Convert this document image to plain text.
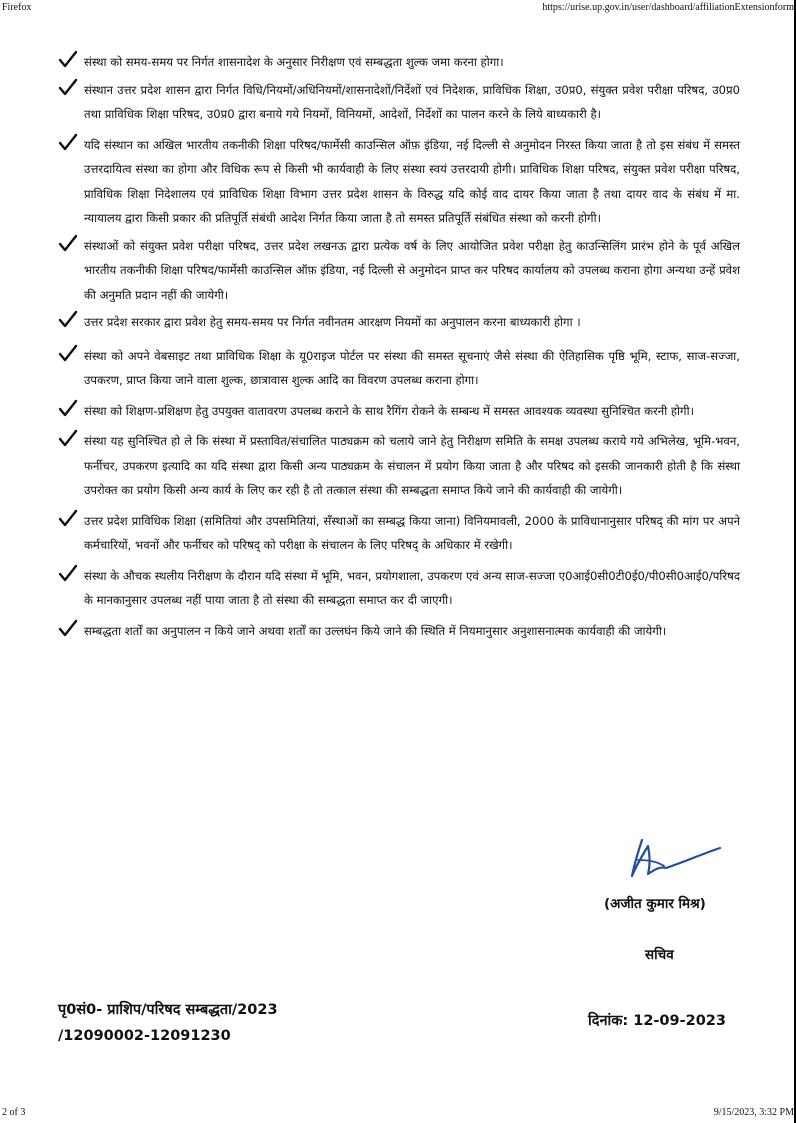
Firefox	https://urise.up.gov.in/user/dashboard/affiliationExtensionform
संस्था को समय-समय पर निर्गत शासनादेश के अनुसार निरीक्षण एवं सम्बद्धता शुल्क जमा करना होगा।
संस्थान उत्तर प्रदेश शासन द्वारा निर्गत विधि/नियमों/अधिनियमों/शासनादेशों/निर्देशों एवं निदेशक, प्राविधिक शिक्षा, उ0प्र0, संयुक्त प्रवेश परीक्षा परिषद, उ0प्र0 तथा प्राविधिक शिक्षा परिषद, उ0प्र0 द्वारा बनाये गये नियमों, विनियमों, आदेशों, निर्देशों का पालन करने के लिये बाध्यकारी है।
यदि संस्थान का अखिल भारतीय तकनीकी शिक्षा परिषद/फार्मेसी काउन्सिल ऑफ़ इंडिया, नई दिल्ली से अनुमोदन निरस्त किया जाता है तो इस संबंध में समस्त उत्तरदायित्व संस्था का होगा और विधिक रूप से किसी भी कार्यवाही के लिए संस्था स्वयं उत्तरदायी होगी। प्राविधिक शिक्षा परिषद, संयुक्त प्रवेश परीक्षा परिषद, प्राविधिक शिक्षा निदेशालय एवं प्राविधिक शिक्षा विभाग उत्तर प्रदेश शासन के विरुद्ध यदि कोई वाद दायर किया जाता है तथा दायर वाद के संबंध में मा. न्यायालय द्वारा किसी प्रकार की प्रतिपूर्ति संबंधी आदेश निर्गत किया जाता है तो समस्त प्रतिपूर्ति संबंधित संस्था को करनी होगी।
संस्थाओं को संयुक्त प्रवेश परीक्षा परिषद, उत्तर प्रदेश लखनऊ द्वारा प्रत्येक वर्ष के लिए आयोजित प्रवेश परीक्षा हेतु काउन्सिलिंग प्रारंभ होने के पूर्व अखिल भारतीय तकनीकी शिक्षा परिषद/फार्मेसी काउन्सिल ऑफ़ इंडिया, नई दिल्ली से अनुमोदन प्राप्त कर परिषद कार्यालय को उपलब्ध कराना होगा अन्यथा उन्हें प्रवेश की अनुमति प्रदान नहीं की जायेगी।
उत्तर प्रदेश सरकार द्वारा प्रवेश हेतु समय-समय पर निर्गत नवीनतम आरक्षण नियमों का अनुपालन करना बाध्यकारी होगा ।
संस्था को अपने वेबसाइट तथा प्राविधिक शिक्षा के यू0राइज पोर्टल पर संस्था की समस्त सूचनाएं जैसे संस्था की ऐतिहासिक पृष्ठि भूमि, स्टाफ, साज-सज्जा, उपकरण, प्राप्त किया जाने वाला शुल्क, छात्रावास शुल्क आदि का विवरण उपलब्ध कराना होगा।
संस्था को शिक्षण-प्रशिक्षण हेतु उपयुक्त वातावरण उपलब्ध कराने के साथ रैगिंग रोकने के सम्बन्ध में समस्त आवश्यक व्यवस्था सुनिश्चित करनी होगी।
संस्था यह सुनिश्चित हो ले कि संस्था में प्रस्तावित/संचालित पाठ्यक्रम को चलाये जाने हेतु निरीक्षण समिति के समक्ष उपलब्ध कराये गये अभिलेख, भूमि-भवन, फर्नीचर, उपकरण इत्यादि का यदि संस्था द्वारा किसी अन्य पाठ्यक्रम के संचालन में प्रयोग किया जाता है और परिषद को इसकी जानकारी होती है कि संस्था उपरोक्त का प्रयोग किसी अन्य कार्य के लिए कर रही है तो तत्काल संस्था की सम्बद्धता समाप्त किये जाने की कार्यवाही की जायेगी।
उत्तर प्रदेश प्राविधिक शिक्षा (समितियां और उपसमितियां, सँस्थाओं का सम्बद्ध किया जाना) विनियमावली, 2000 के प्राविधानानुसार परिषद् की मांग पर अपने कर्मचारियों, भवनों और फर्नीचर को परिषद् को परीक्षा के संचालन के लिए परिषद् के अधिकार में रखेगी।
संस्था के औचक स्थलीय निरीक्षण के दौरान यदि संस्था में भूमि, भवन, प्रयोगशाला, उपकरण एवं अन्य साज-सज्जा ए0आई0सी0टी0ई0/पी0सी0आई0/परिषद के मानकानुसार उपलब्ध नहीं पाया जाता है तो संस्था की सम्बद्धता समाप्त कर दी जाएगी।
सम्बद्धता शर्तों का अनुपालन न किये जाने अथवा शर्तों का उल्लघंन किये जाने की स्थिति में नियमानुसार अनुशासनात्मक कार्यवाही की जायेगी।
(अजीत कुमार मिश्र)
सचिव
पृ0सं0- प्राशिप/परिषद सम्बद्धता/2023
/12090002-12091230
दिनांक: 12-09-2023
2 of 3	9/15/2023, 3:32 PM
